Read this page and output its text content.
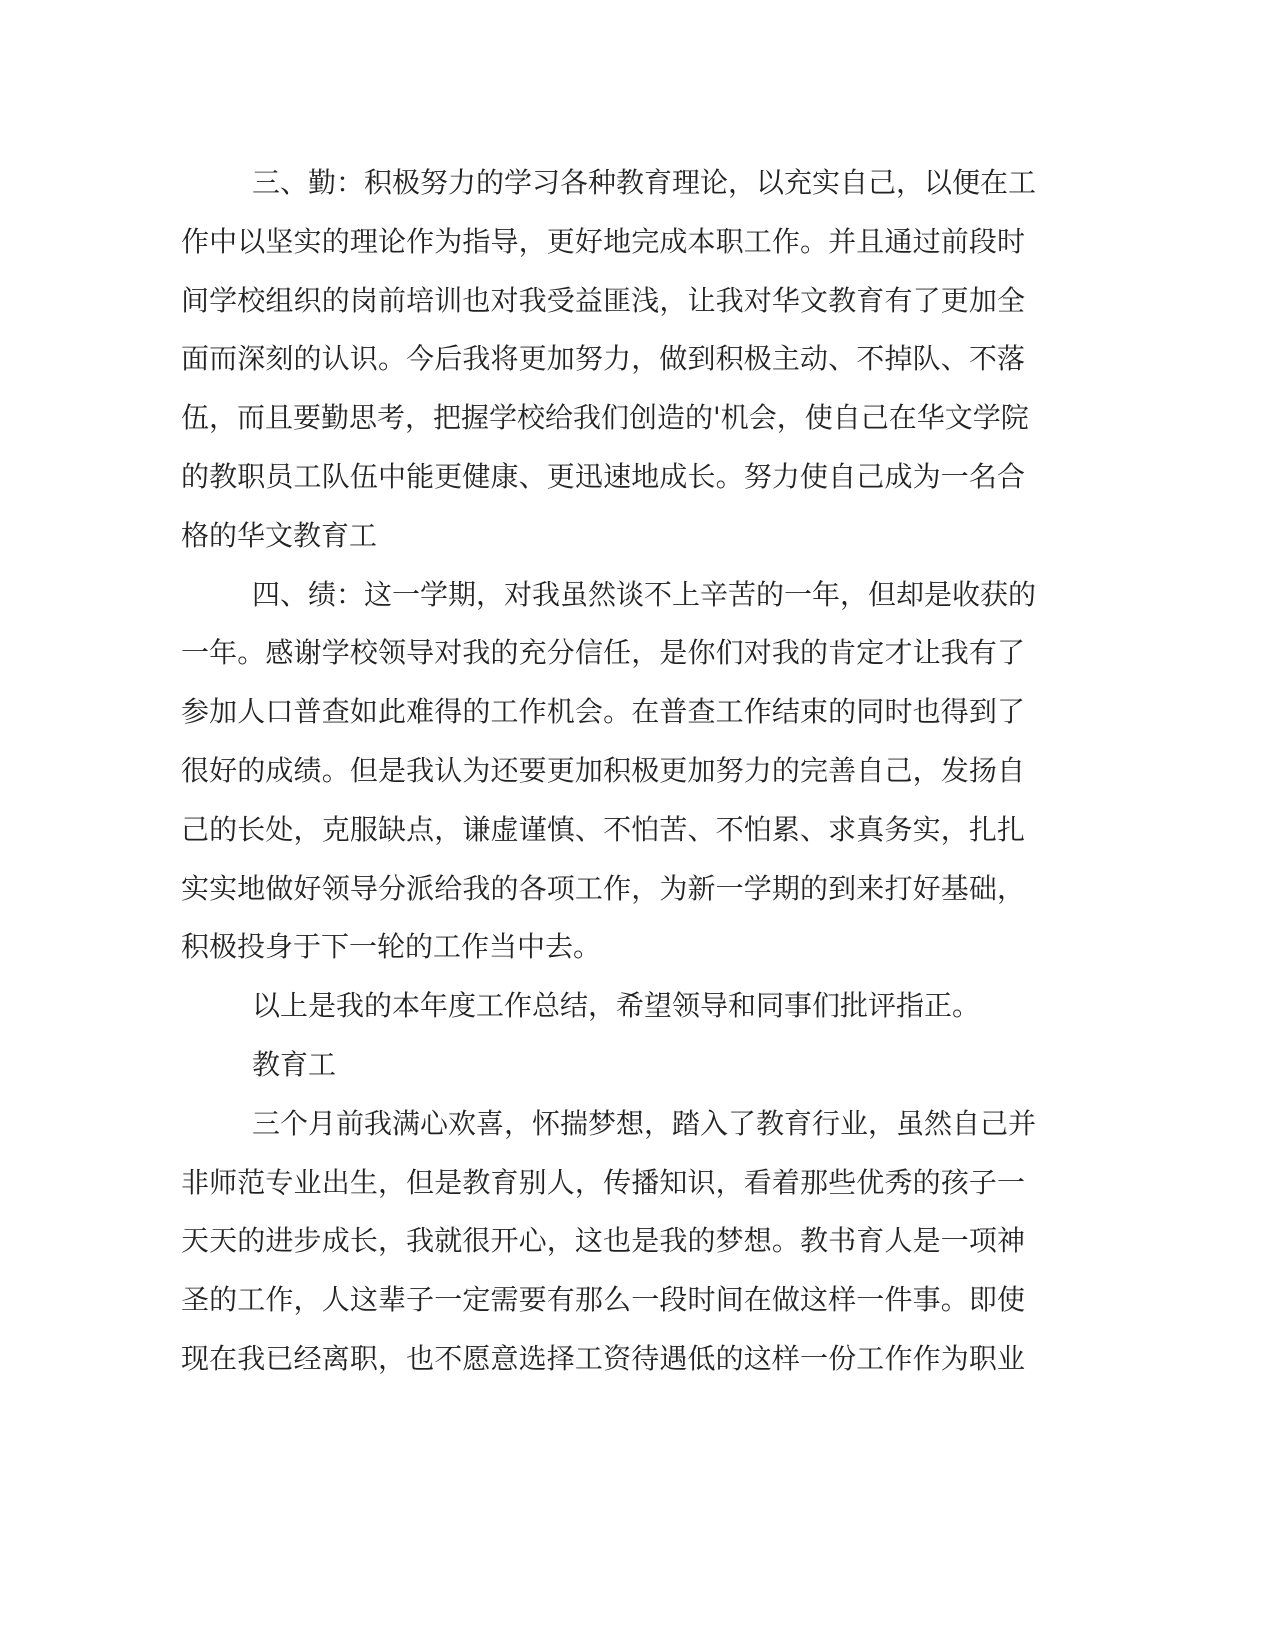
三、勤：积极努力的学习各种教育理论，以充实自己，以便在工
作中以坚实的理论作为指导，更好地完成本职工作。并且通过前段时
间学校组织的岗前培训也对我受益匪浅，让我对华文教育有了更加全
面而深刻的认识。今后我将更加努力，做到积极主动、不掉队、不落
伍，而且要勤思考，把握学校给我们创造的'机会，使自己在华文学院
的教职员工队伍中能更健康、更迅速地成长。努力使自己成为一名合
格的华文教育工
四、绩：这一学期，对我虽然谈不上辛苦的一年，但却是收获的
一年。感谢学校领导对我的充分信任，是你们对我的肯定才让我有了
参加人口普查如此难得的工作机会。在普查工作结束的同时也得到了
很好的成绩。但是我认为还要更加积极更加努力的完善自己，发扬自
己的长处，克服缺点，谦虚谨慎、不怕苦、不怕累、求真务实，扎扎
实实地做好领导分派给我的各项工作，为新一学期的到来打好基础，
积极投身于下一轮的工作当中去。
以上是我的本年度工作总结，希望领导和同事们批评指正。
教育工
三个月前我满心欢喜，怀揣梦想，踏入了教育行业，虽然自己并
非师范专业出生，但是教育别人，传播知识，看着那些优秀的孩子一
天天的进步成长，我就很开心，这也是我的梦想。教书育人是一项神
圣的工作，人这辈子一定需要有那么一段时间在做这样一件事。即使
现在我已经离职，也不愿意选择工资待遇低的这样一份工作作为职业
